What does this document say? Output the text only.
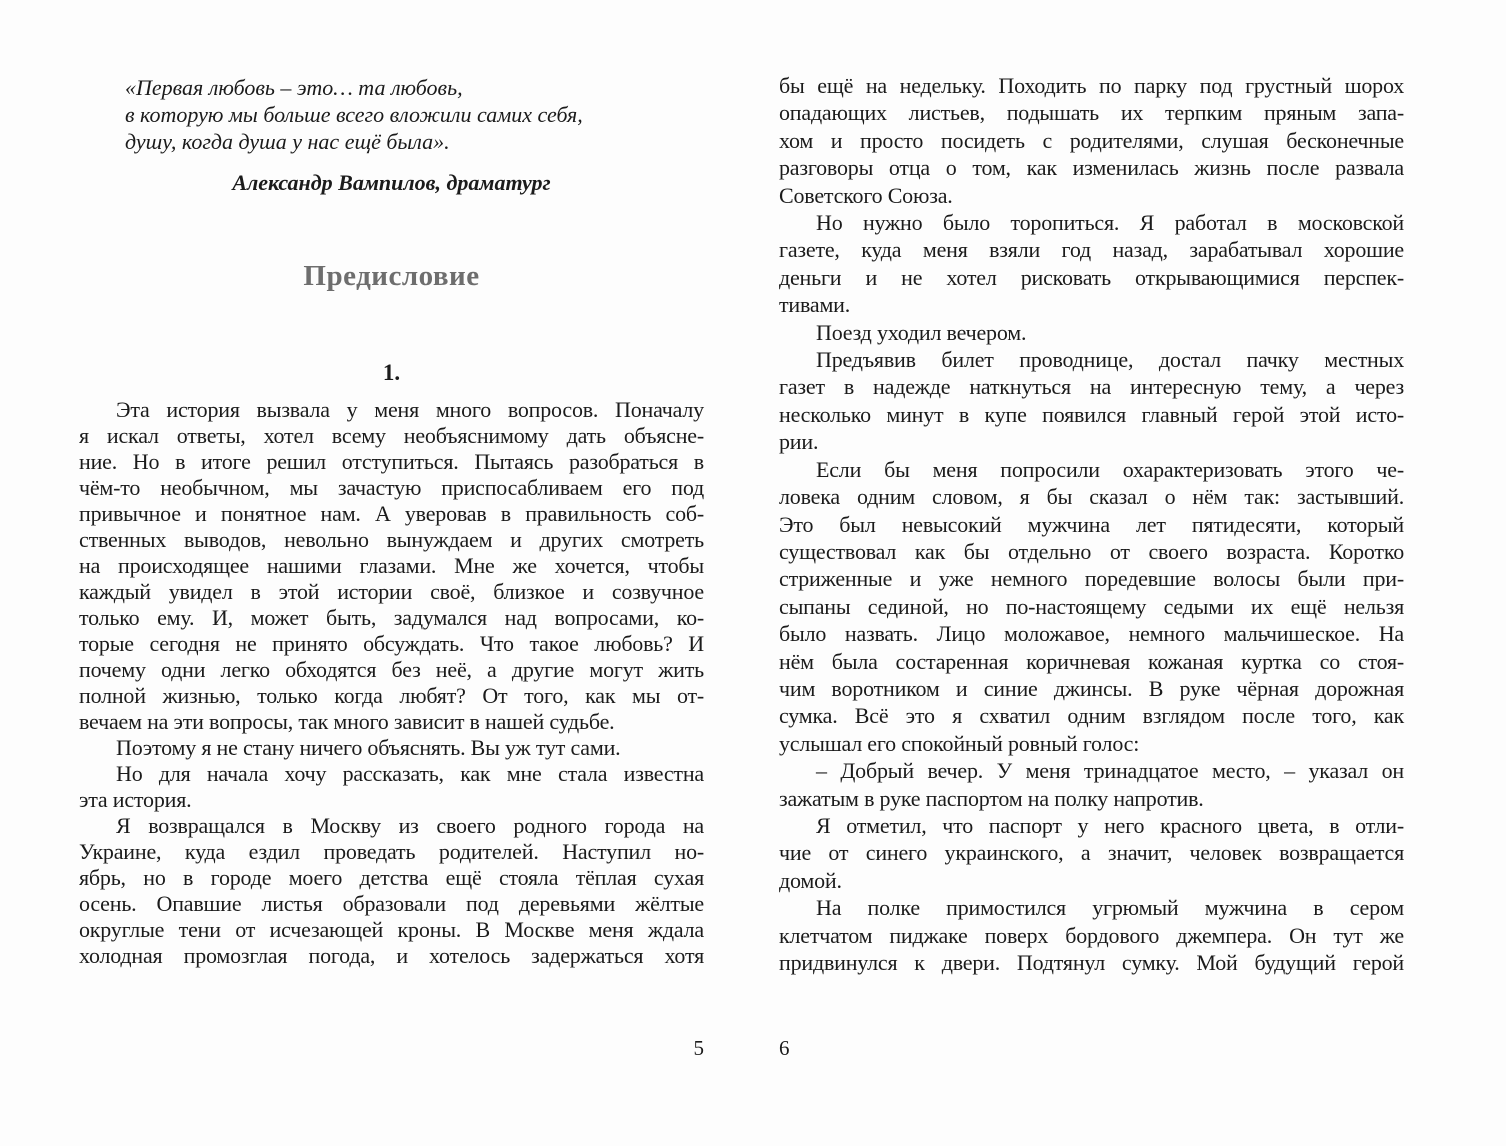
«Первая любовь – это… та любовь,
в которую мы больше всего вложили самих себя,
душу, когда душа у нас ещё была».
Александр Вампилов, драматург
Предисловие
1.
Эта история вызвала у меня много вопросов. Поначалу
я искал ответы, хотел всему необъяснимому дать объясне-
ние. Но в итоге решил отступиться. Пытаясь разобраться в
чём-то необычном, мы зачастую приспосабливаем его под
привычное и понятное нам. А уверовав в правильность соб-
ственных выводов, невольно вынуждаем и других смотреть
на происходящее нашими глазами. Мне же хочется, чтобы
каждый увидел в этой истории своё, близкое и созвучное
только ему. И, может быть, задумался над вопросами, ко-
торые сегодня не принято обсуждать. Что такое любовь? И
почему одни легко обходятся без неё, а другие могут жить
полной жизнью, только когда любят? От того, как мы от-
вечаем на эти вопросы, так много зависит в нашей судьбе.
Поэтому я не стану ничего объяснять. Вы уж тут сами.
Но для начала хочу рассказать, как мне стала известна
эта история.
Я возвращался в Москву из своего родного города на
Украине, куда ездил проведать родителей. Наступил но-
ябрь, но в городе моего детства ещё стояла тёплая сухая
осень. Опавшие листья образовали под деревьями жёлтые
округлые тени от исчезающей кроны. В Москве меня ждала
холодная промозглая погода, и хотелось задержаться хотя
5
бы ещё на недельку. Походить по парку под грустный шорох
опадающих листьев, подышать их терпким пряным запа-
хом и просто посидеть с родителями, слушая бесконечные
разговоры отца о том, как изменилась жизнь после развала
Советского Союза.
Но нужно было торопиться. Я работал в московской
газете, куда меня взяли год назад, зарабатывал хорошие
деньги и не хотел рисковать открывающимися перспек-
тивами.
Поезд уходил вечером.
Предъявив билет проводнице, достал пачку местных
газет в надежде наткнуться на интересную тему, а через
несколько минут в купе появился главный герой этой исто-
рии.
Если бы меня попросили охарактеризовать этого че-
ловека одним словом, я бы сказал о нём так: застывший.
Это был невысокий мужчина лет пятидесяти, который
существовал как бы отдельно от своего возраста. Коротко
стриженные и уже немного поредевшие волосы были при-
сыпаны сединой, но по-настоящему седыми их ещё нельзя
было назвать. Лицо моложавое, немного мальчишеское. На
нём была состаренная коричневая кожаная куртка со стоя-
чим воротником и синие джинсы. В руке чёрная дорожная
сумка. Всё это я схватил одним взглядом после того, как
услышал его спокойный ровный голос:
– Добрый вечер. У меня тринадцатое место, – указал он
зажатым в руке паспортом на полку напротив.
Я отметил, что паспорт у него красного цвета, в отли-
чие от синего украинского, а значит, человек возвращается
домой.
На полке примостился угрюмый мужчина в сером
клетчатом пиджаке поверх бордового джемпера. Он тут же
придвинулся к двери. Подтянул сумку. Мой будущий герой
6
